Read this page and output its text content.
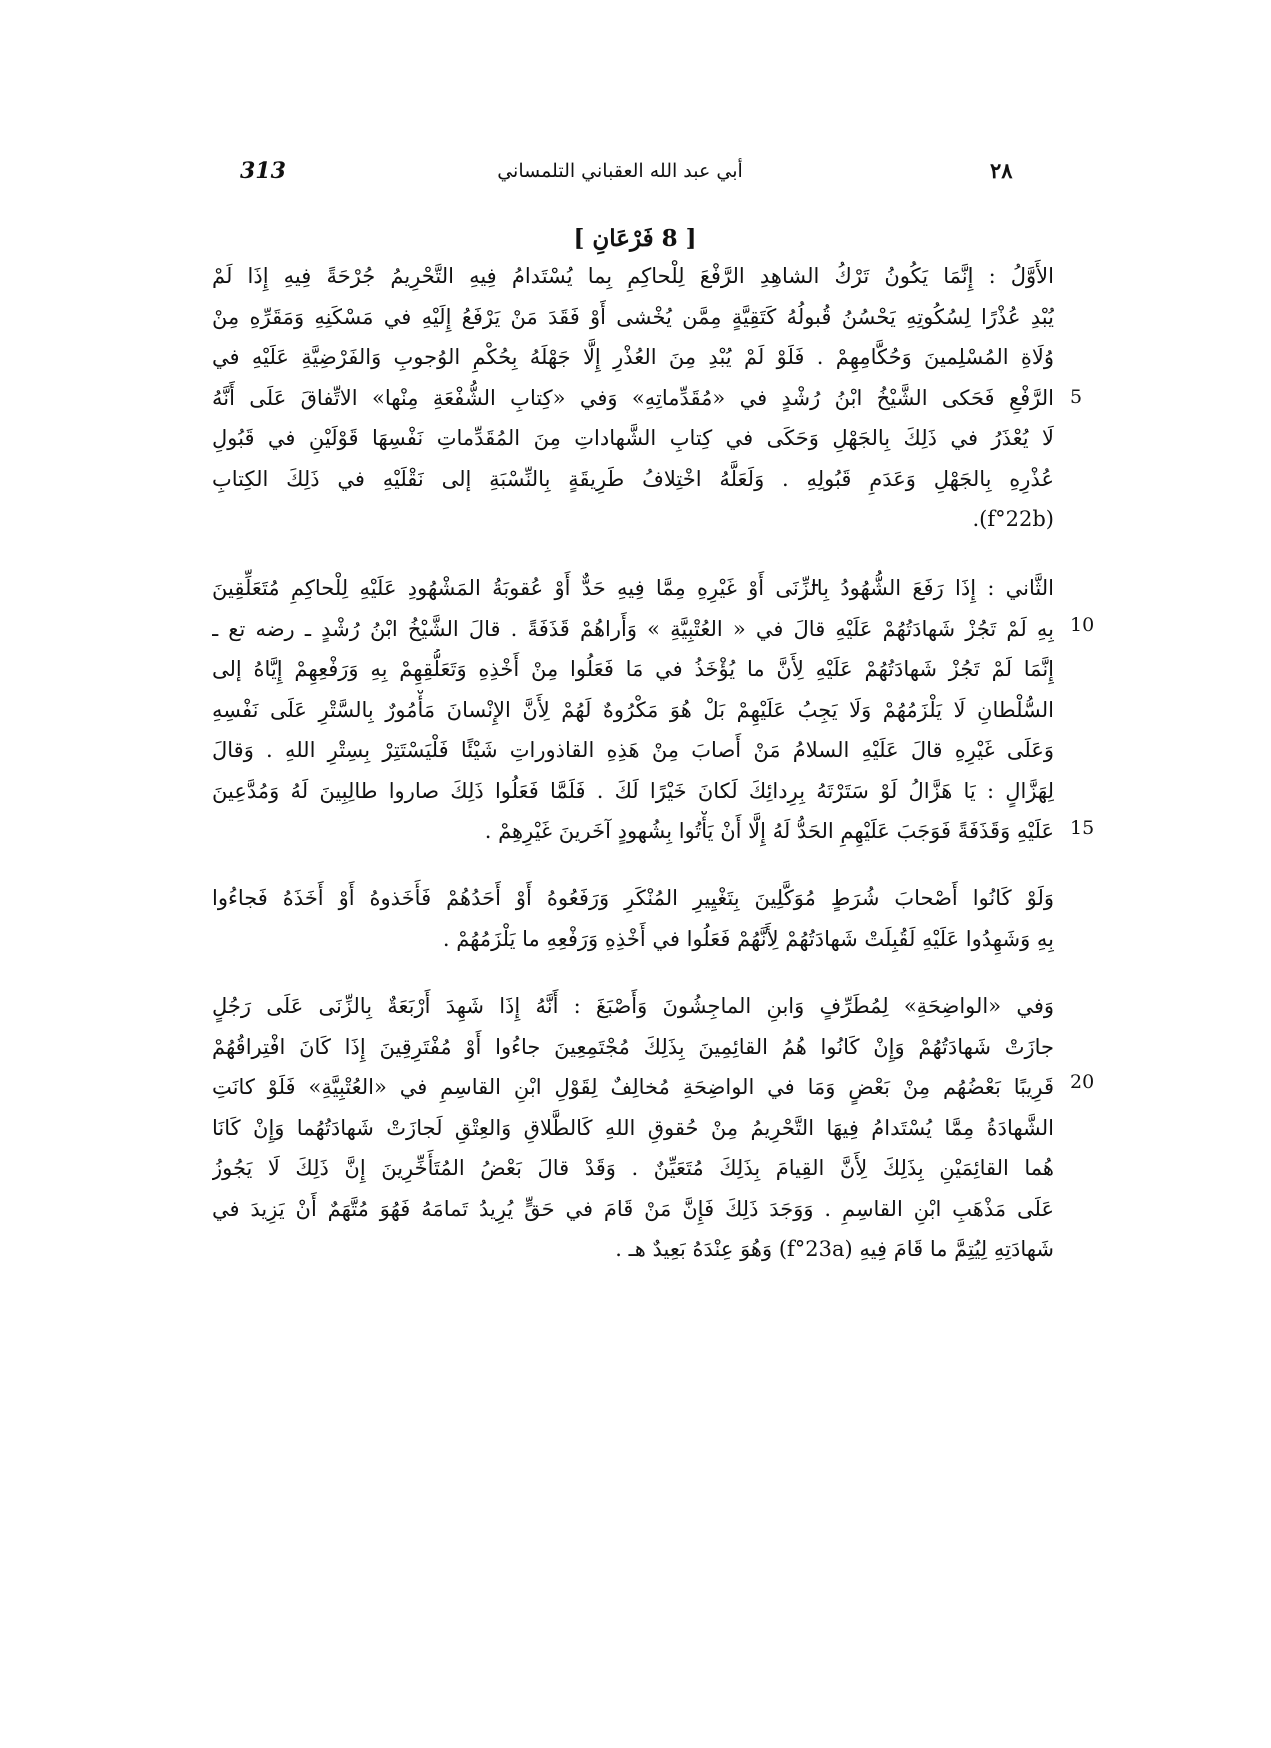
313	أبي عبد الله العقباني التلمساني	٢٨
[ 8 فَرْعَانِ ]
الأَوَّلُ : إِنَّمَا يَكُونُ تَرْكُ الشاهِدِ الرَّفْعَ لِلْحاكِمِ بِما يُسْتَدامُ فِيهِ التَّحْرِيمُ جُرْحَةً فِيهِ إِذَا لَمْ
يُبْدِ عُذْرًا لِسُكُوتِهِ يَحْسُنُ قُبولُهُ كَتَقِيَّةٍ مِمَّن يُخْشى أَوْ فَقَدَ مَنْ يَرْفَعُ إِلَيْهِ في مَسْكَنِهِ وَمَقَرِّهِ مِنْ
وُلَاةِ المُسْلِمينَ وَحُكَّامِهِمْ . فَلَوْ لَمْ يُبْدِ مِنَ العُذْرِ إِلَّا جَهْلَهُ بِحُكْمِ الوُجوبِ وَالفَرْضِيَّةِ عَلَيْهِ في
الرَّفْعِ فَحَكى الشَّيْخُ ابْنُ رُشْدٍ في «مُقَدِّماتِهِ» وَفي «كِتابِ الشُّفْعَةِ مِنْها» الاتِّفاقَ عَلَى أَنَّهُ
لَا يُعْذَرُ في ذَلِكَ بِالجَهْلِ وَحَكَى في كِتابِ الشَّهاداتِ مِنَ المُقَدِّماتِ نَفْسِهَا قَوْلَيْنِ في قَبُولِ
عُذْرِهِ بِالجَهْلِ وَعَدَمِ قَبُولِهِ . وَلَعَلَّهُ اخْتِلافُ طَرِيقَةٍ بِالنِّسْبَةِ إلى نَقْلَيْهِ في ذَلِكَ الكِتابِ
.(f°22b)
الثَّاني : إِذَا رَفَعَ الشُّهُودُ بِالزِّنَى أَوْ غَيْرِهِ مِمَّا فِيهِ حَدٌّ أَوْ عُقوبَةُ المَشْهُودِ عَلَيْهِ لِلْحاكِمِ مُتَعَلِّقِينَ
بِهِ لَمْ تَجُزْ شَهادَتُهُمْ عَلَيْهِ قالَ في « العُتْبِيَّةِ » وَأَراهُمْ قَذَفَةً . قالَ الشَّيْخُ ابْنُ رُشْدٍ ـ رضه تع ـ
إِنَّمَا لَمْ تَجُزْ شَهادَتُهُمْ عَلَيْهِ لِأَنَّ ما يُؤْخَذُ في مَا فَعَلُوا مِنْ أَخْذِهِ وَتَعَلُّقِهِمْ بِهِ وَرَفْعِهِمْ إِيَّاهُ إلى
السُّلْطانِ لَا يَلْزَمُهُمْ وَلَا يَجِبُ عَلَيْهِمْ بَلْ هُوَ مَكْرُوهٌ لَهُمْ لِأَنَّ الإِنْسانَ مَأْمُورٌ بِالسَّتْرِ عَلَى نَفْسِهِ
وَعَلَى غَيْرِهِ قالَ عَلَيْهِ السلامُ مَنْ أَصابَ مِنْ هَذِهِ القاذوراتِ شَيْئًا فَلْيَسْتَتِرْ بِسِتْرِ اللهِ . وَقالَ
لِهَزَّالٍ : يَا هَزَّالُ لَوْ سَتَرْتَهُ بِرِدائِكَ لَكانَ خَيْرًا لَكَ . فَلَمَّا فَعَلُوا ذَلِكَ صاروا طالِبِينَ لَهُ وَمُدَّعِينَ
عَلَيْهِ وَقَذَفَةً فَوَجَبَ عَلَيْهِمِ الحَدُّ لَهُ إِلَّا أَنْ يَأْتُوا بِشُهودٍ آخَرينَ غَيْرِهِمْ .
وَلَوْ كَانُوا أَصْحابَ شُرَطٍ مُوَكَّلِينَ بِتَغْيِيرِ المُنْكَرِ وَرَفَعُوهُ أَوْ أَحَدُهُمْ فَأَخَذوهُ أَوْ أَخَذَهُ فَجاءُوا
بِهِ وَشَهِدُوا عَلَيْهِ لَقُبِلَتْ شَهادَتُهُمْ لِأَنَّهُمْ فَعَلُوا في أَخْذِهِ وَرَفْعِهِ ما يَلْزَمُهُمْ .
وَفي «الواضِحَةِ» لِمُطَرِّفٍ وَابنِ الماجِشُونَ وَأَصْبَغَ : أَنَّهُ إِذَا شَهِدَ أَرْبَعَةٌ بِالزِّنَى عَلَى رَجُلٍ
جازَتْ شَهادَتُهُمْ وَإِنْ كَانُوا هُمُ القائِمِينَ بِذَلِكَ مُجْتَمِعِينَ جاءُوا أَوْ مُفْتَرِقِينَ إِذَا كَانَ افْتِراقُهُمْ
قَرِيبًا بَعْضُهُم مِنْ بَعْضٍ وَمَا في الواضِحَةِ مُخالِفٌ لِقَوْلِ ابْنِ القاسِمِ في «العُتْبِيَّةِ» فَلَوْ كانَتِ
الشَّهادَةُ مِمَّا يُسْتَدامُ فِيهَا التَّحْرِيمُ مِنْ حُقوقِ اللهِ كَالطَّلاقِ وَالعِتْقِ لَجازَتْ شَهادَتُهُما وَإِنْ كَانَا
هُما القائِمَيْنِ بِذَلِكَ لِأَنَّ القِيامَ بِذَلِكَ مُتَعَيِّنٌ . وَقَدْ قالَ بَعْضُ المُتَأَخِّرِينَ إِنَّ ذَلِكَ لَا يَجُوزُ
عَلَى مَذْهَبِ ابْنِ القاسِمِ . وَوَجَدَ ذَلِكَ فَإِنَّ مَنْ قَامَ في حَقٍّ يُرِيدُ تَمامَهُ فَهُوَ مُتَّهَمٌ أَنْ يَزِيدَ في
شَهادَتِهِ لِيُتِمَّ ما قَامَ فِيهِ (f°23a) وَهُوَ عِنْدَهُ بَعِيدٌ هـ .
5
10
15
20
